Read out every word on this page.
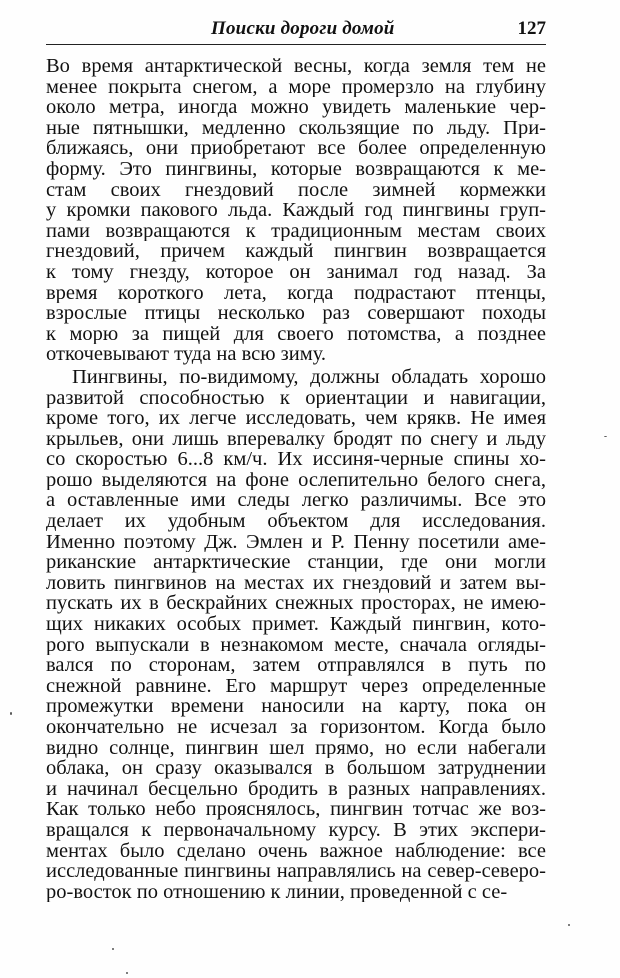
Поиски дороги домой	127
Во время антарктической весны, когда земля тем не
менее покрыта снегом, а море промерзло на глубину
около метра, иногда можно увидеть маленькие чер-
ные пятнышки, медленно скользящие по льду. При-
ближаясь, они приобретают все более определенную
форму. Это пингвины, которые возвращаются к ме-
стам своих гнездовий после зимней кормежки
у кромки пакового льда. Каждый год пингвины груп-
пами возвращаются к традиционным местам своих
гнездовий, причем каждый пингвин возвращается
к тому гнезду, которое он занимал год назад. За
время короткого лета, когда подрастают птенцы,
взрослые птицы несколько раз совершают походы
к морю за пищей для своего потомства, а позднее
откочевывают туда на всю зиму.
Пингвины, по-видимому, должны обладать хорошо
развитой способностью к ориентации и навигации,
кроме того, их легче исследовать, чем крякв. Не имея
крыльев, они лишь вперевалку бродят по снегу и льду
со скоростью 6...8 км/ч. Их иссиня-черные спины хо-
рошо выделяются на фоне ослепительно белого снега,
а оставленные ими следы легко различимы. Все это
делает их удобным объектом для исследования.
Именно поэтому Дж. Эмлен и Р. Пенну посетили аме-
риканские антарктические станции, где они могли
ловить пингвинов на местах их гнездовий и затем вы-
пускать их в бескрайних снежных просторах, не имею-
щих никаких особых примет. Каждый пингвин, кото-
рого выпускали в незнакомом месте, сначала огляды-
вался по сторонам, затем отправлялся в путь по
снежной равнине. Его маршрут через определенные
промежутки времени наносили на карту, пока он
окончательно не исчезал за горизонтом. Когда было
видно солнце, пингвин шел прямо, но если набегали
облака, он сразу оказывался в большом затруднении
и начинал бесцельно бродить в разных направлениях.
Как только небо прояснялось, пингвин тотчас же воз-
вращался к первоначальному курсу. В этих экспери-
ментах было сделано очень важное наблюдение: все
исследованные пингвины направлялись на север-северо-
ро-восток по отношению к линии, проведенной с се-
